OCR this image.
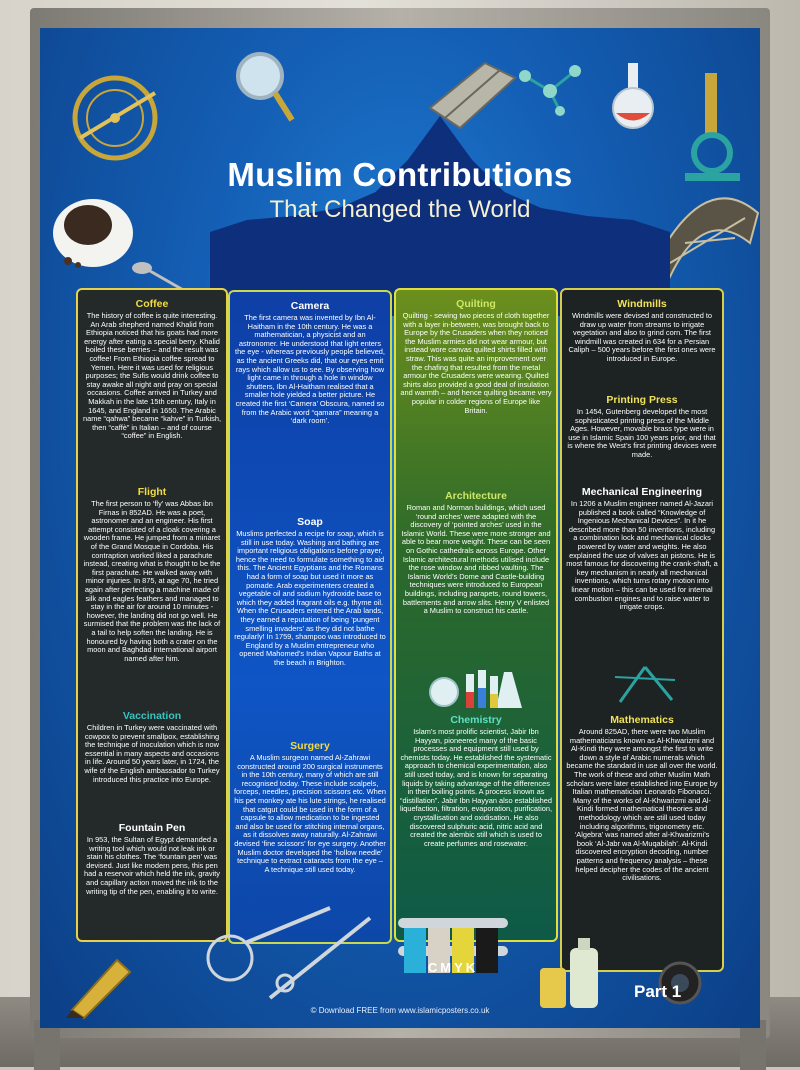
Muslim Contributions
That Changed the World
Coffee

The history of coffee is quite interesting. An Arab shepherd named Khalid from Ethiopia noticed that his goats had more energy after eating a special berry. Khalid boiled these berries – and the result was coffee! From Ethiopia coffee spread to Yemen. Here it was used for religious purposes; the Sufis would drink coffee to stay awake all night and pray on special occasions. Coffee arrived in Turkey and Makkah in the late 15th century, Italy in 1645, and England in 1650. The Arabic name “qahwa” became “kahve” in Turkish, then “caffè” in Italian – and of course “coffee” in English.

Flight

The first person to ‘fly’ was Abbas ibn Firnas in 852AD. He was a poet, astronomer and an engineer. His first attempt consisted of a cloak covering a wooden frame. He jumped from a minaret of the Grand Mosque in Cordoba. His contraption worked liked a parachute instead, creating what is thought to be the first parachute. He walked away with minor injuries. In 875, at age 70, he tried again after perfecting a machine made of silk and eagles feathers and managed to stay in the air for around 10 minutes - however, the landing did not go well. He surmised that the problem was the lack of a tail to help soften the landing. He is honoured by having both a crater on the moon and Baghdad international airport named after him.

Vaccination

Children in Turkey were vaccinated with cowpox to prevent smallpox, establishing the technique of inoculation which is now essential in many aspects and occasions in life. Around 50 years later, in 1724, the wife of the English ambassador to Turkey introduced this practice into Europe.

Fountain Pen

In 953, the Sultan of Egypt demanded a writing tool which would not leak ink or stain his clothes. The ‘fountain pen’ was devised. Just like modern pens, this pen had a reservoir which held the ink, gravity and capillary action moved the ink to the writing tip of the pen, enabling it to write.

Camera

The first camera was invented by Ibn Al-Haitham in the 10th century. He was a mathematician, a physicist and an astronomer. He understood that light enters the eye - whereas previously people believed, as the ancient Greeks did, that our eyes emit rays which allow us to see. By observing how light came in through a hole in window shutters, Ibn Al-Haitham realised that a smaller hole yielded a better picture. He created the first ‘Camera’ Obscura, named so from the Arabic word “qamara” meaning a ‘dark room’.

Soap

Muslims perfected a recipe for soap, which is still in use today. Washing and bathing are important religious obligations before prayer, hence the need to formulate something to aid this. The Ancient Egyptians and the Romans had a form of soap but used it more as pomade. Arab experimenters created a vegetable oil and sodium hydroxide base to which they added fragrant oils e.g. thyme oil. When the Crusaders entered the Arab lands, they earned a reputation of being ‘pungent smelling invaders’ as they did not bathe regularly! In 1759, shampoo was introduced to England by a Muslim entrepreneur who opened Mahomed’s Indian Vapour Baths at the beach in Brighton.

Surgery

A Muslim surgeon named Al-Zahrawi constructed around 200 surgical instruments in the 10th century, many of which are still recognised today. These include scalpels, forceps, needles, precision scissors etc. When his pet monkey ate his lute strings, he realised that catgut could be used in the form of a capsule to allow medication to be ingested and also be used for stitching internal organs, as it dissolves away naturally. Al-Zahrawi devised ‘fine scissors’ for eye surgery. Another Muslim doctor developed the ‘hollow needle’ technique to extract cataracts from the eye – A technique still used today.

Quilting

Quilting - sewing two pieces of cloth together with a layer in-between, was brought back to Europe by the Crusaders when they noticed the Muslim armies did not wear armour, but instead wore canvas quilted shirts filled with straw. This was quite an improvement over the chafing that resulted from the metal armour the Crusaders were wearing. Quilted shirts also provided a good deal of insulation and warmth – and hence quilting became very popular in colder regions of Europe like Britain.

Architecture

Roman and Norman buildings, which used ‘round arches’ were adapted with the discovery of ‘pointed arches’ used in the Islamic World. These were more stronger and able to bear more weight. These can be seen on Gothic cathedrals across Europe. Other Islamic architectural methods utilised include the rose window and ribbed vaulting. The Islamic World’s Dome and Castle-building techniques were introduced to European buildings, including parapets, round towers, battlements and arrow slits. Henry V enlisted a Muslim to construct his castle.

Chemistry

Islam’s most prolific scientist, Jabir Ibn Hayyan, pioneered many of the basic processes and equipment still used by chemists today. He established the systematic approach to chemical experimentation, also still used today, and is known for separating liquids by taking advantage of the differences in their boiling points. A process known as “distillation”. Jabir Ibn Hayyan also established liquefaction, filtration, evaporation, purification, crystallisation and oxidisation. He also discovered sulphuric acid, nitric acid and created the alembic still which is used to create perfumes and rosewater.

Windmills

Windmills were devised and constructed to draw up water from streams to irrigate vegetation and also to grind corn. The first windmill was created in 634 for a Persian Caliph – 500 years before the first ones were introduced in Europe.

Printing Press

In 1454, Gutenberg developed the most sophisticated printing press of the Middle Ages. However, movable brass type were in use in Islamic Spain 100 years prior, and that is where the West’s first printing devices were made.

Mechanical Engineering

In 1206 a Muslim engineer named Al-Jazari published a book called “Knowledge of Ingenious Mechanical Devices”. In it he described more than 50 inventions, including a combination lock and mechanical clocks powered by water and weights. He also explained the use of valves an pistons. He is most famous for discovering the crank-shaft, a key mechanism in nearly all mechanical inventions, which turns rotary motion into linear motion – this can be used for internal combustion engines and to raise water to irrigate crops.

Mathematics

Around 825AD, there were two Muslim mathematicians known as Al-Khwarizmi and Al-Kindi they were amongst the first to write down a style of Arabic numerals which became the standard in use all over the world. The work of these and other Muslim Math scholars were later established into Europe by Italian mathematician Leonardo Fibonacci. Many of the works of Al-Khwarizmi and Al-Kindi formed mathematical theories and methodology which are still used today including algorithms, trigonometry etc. ‘Algebra’ was named after al-Khwarizmi’s book ‘Al-Jabr wa Al-Muqabilah’. Al-Kindi discovered encryption decoding, number patterns and frequency analysis – these helped decipher the codes of the ancient civilisations.

CMYK
Part 1
© Download FREE from www.islamicposters.co.uk
